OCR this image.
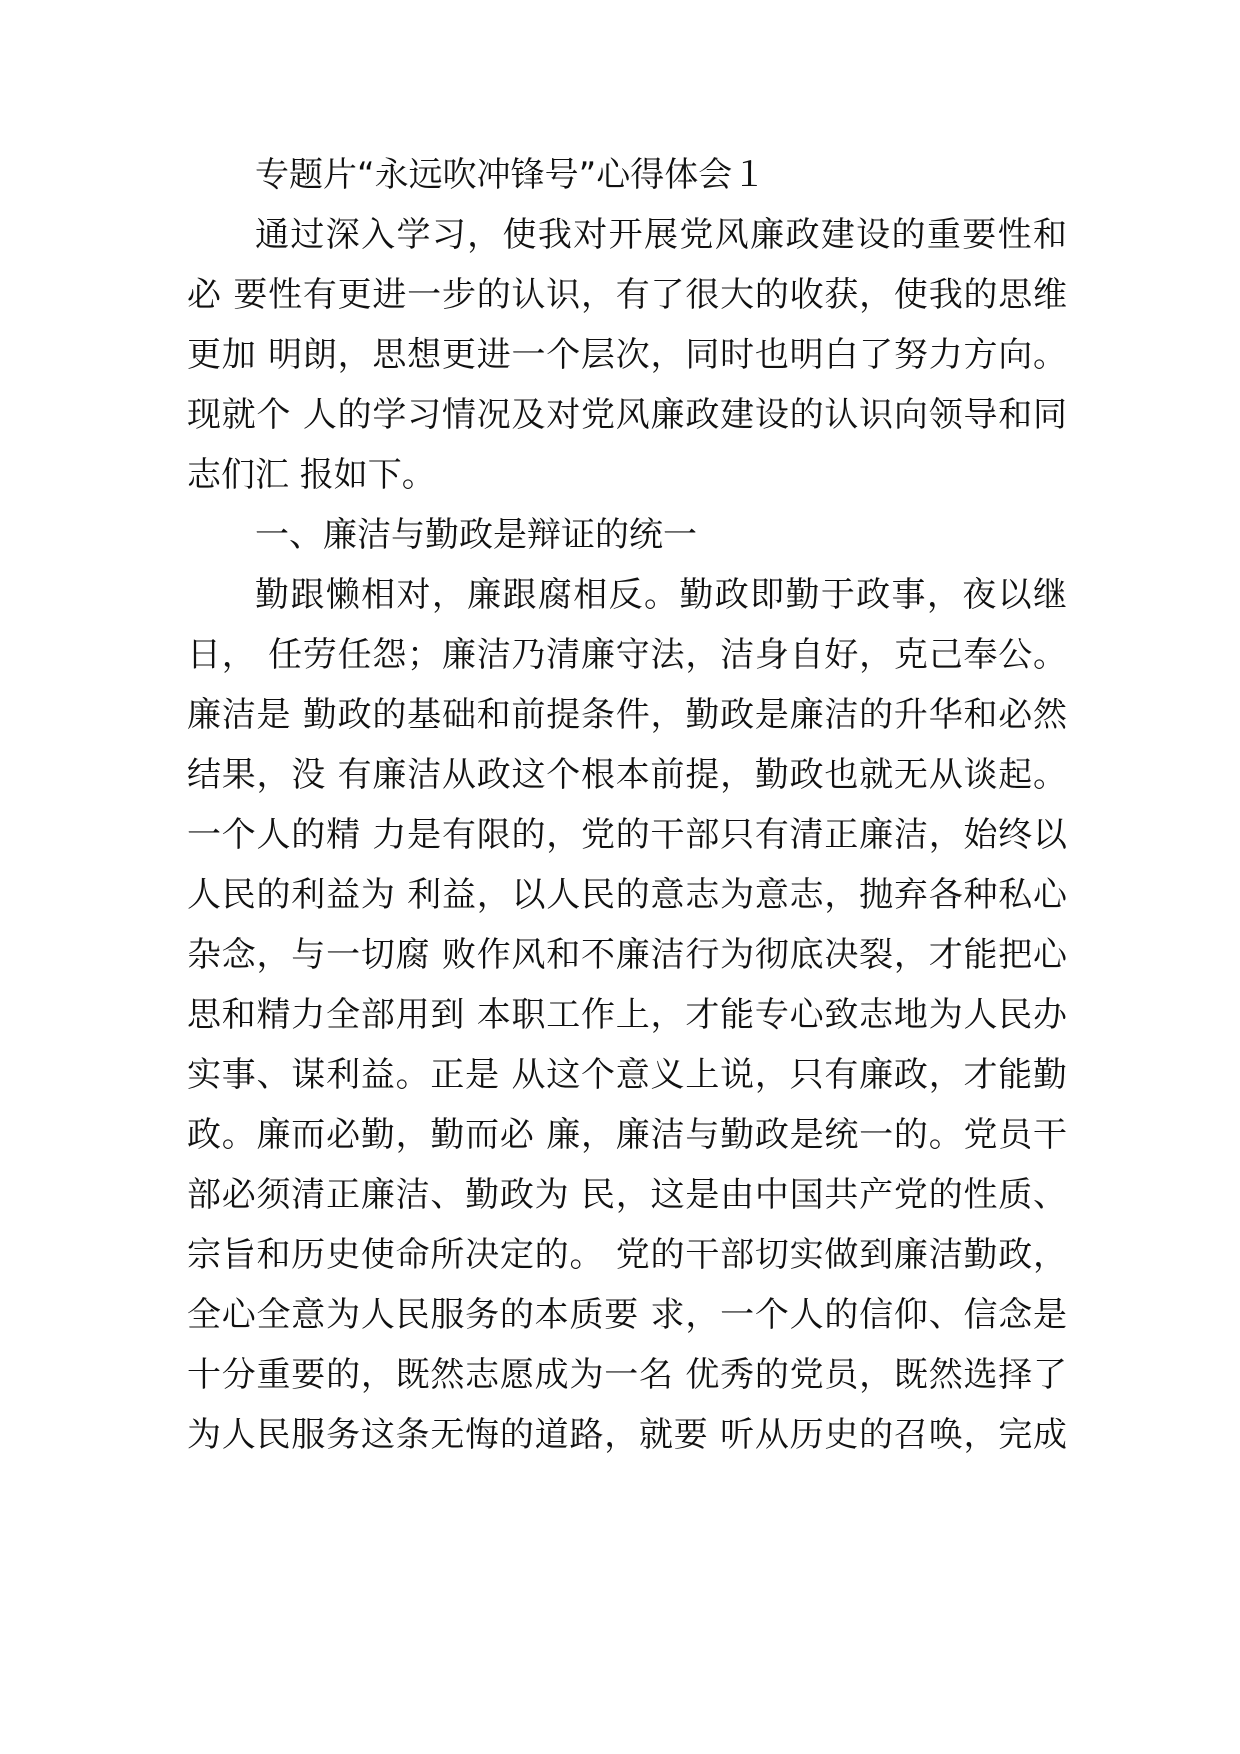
专题片“永远吹冲锋号”心得体会１
通过深入学习，使我对开展党风廉政建设的重要性和
必 要性有更进一步的认识，有了很大的收获，使我的思维
更加 明朗，思想更进一个层次，同时也明白了努力方向。
现就个 人的学习情况及对党风廉政建设的认识向领导和同
志们汇 报如下。
一、廉洁与勤政是辩证的统一
勤跟懒相对，廉跟腐相反。勤政即勤于政事，夜以继
日， 任劳任怨；廉洁乃清廉守法，洁身自好，克己奉公。
廉洁是 勤政的基础和前提条件，勤政是廉洁的升华和必然
结果，没 有廉洁从政这个根本前提，勤政也就无从谈起。
一个人的精 力是有限的，党的干部只有清正廉洁，始终以
人民的利益为 利益，以人民的意志为意志，抛弃各种私心
杂念，与一切腐 败作风和不廉洁行为彻底决裂，才能把心
思和精力全部用到 本职工作上，才能专心致志地为人民办
实事、谋利益。正是 从这个意义上说，只有廉政，才能勤
政。廉而必勤，勤而必 廉，廉洁与勤政是统一的。党员干
部必须清正廉洁、勤政为 民，这是由中国共产党的性质、
宗旨和历史使命所决定的。 党的干部切实做到廉洁勤政，
全心全意为人民服务的本质要 求，一个人的信仰、信念是
十分重要的，既然志愿成为一名 优秀的党员，既然选择了
为人民服务这条无悔的道路，就要 听从历史的召唤，完成
